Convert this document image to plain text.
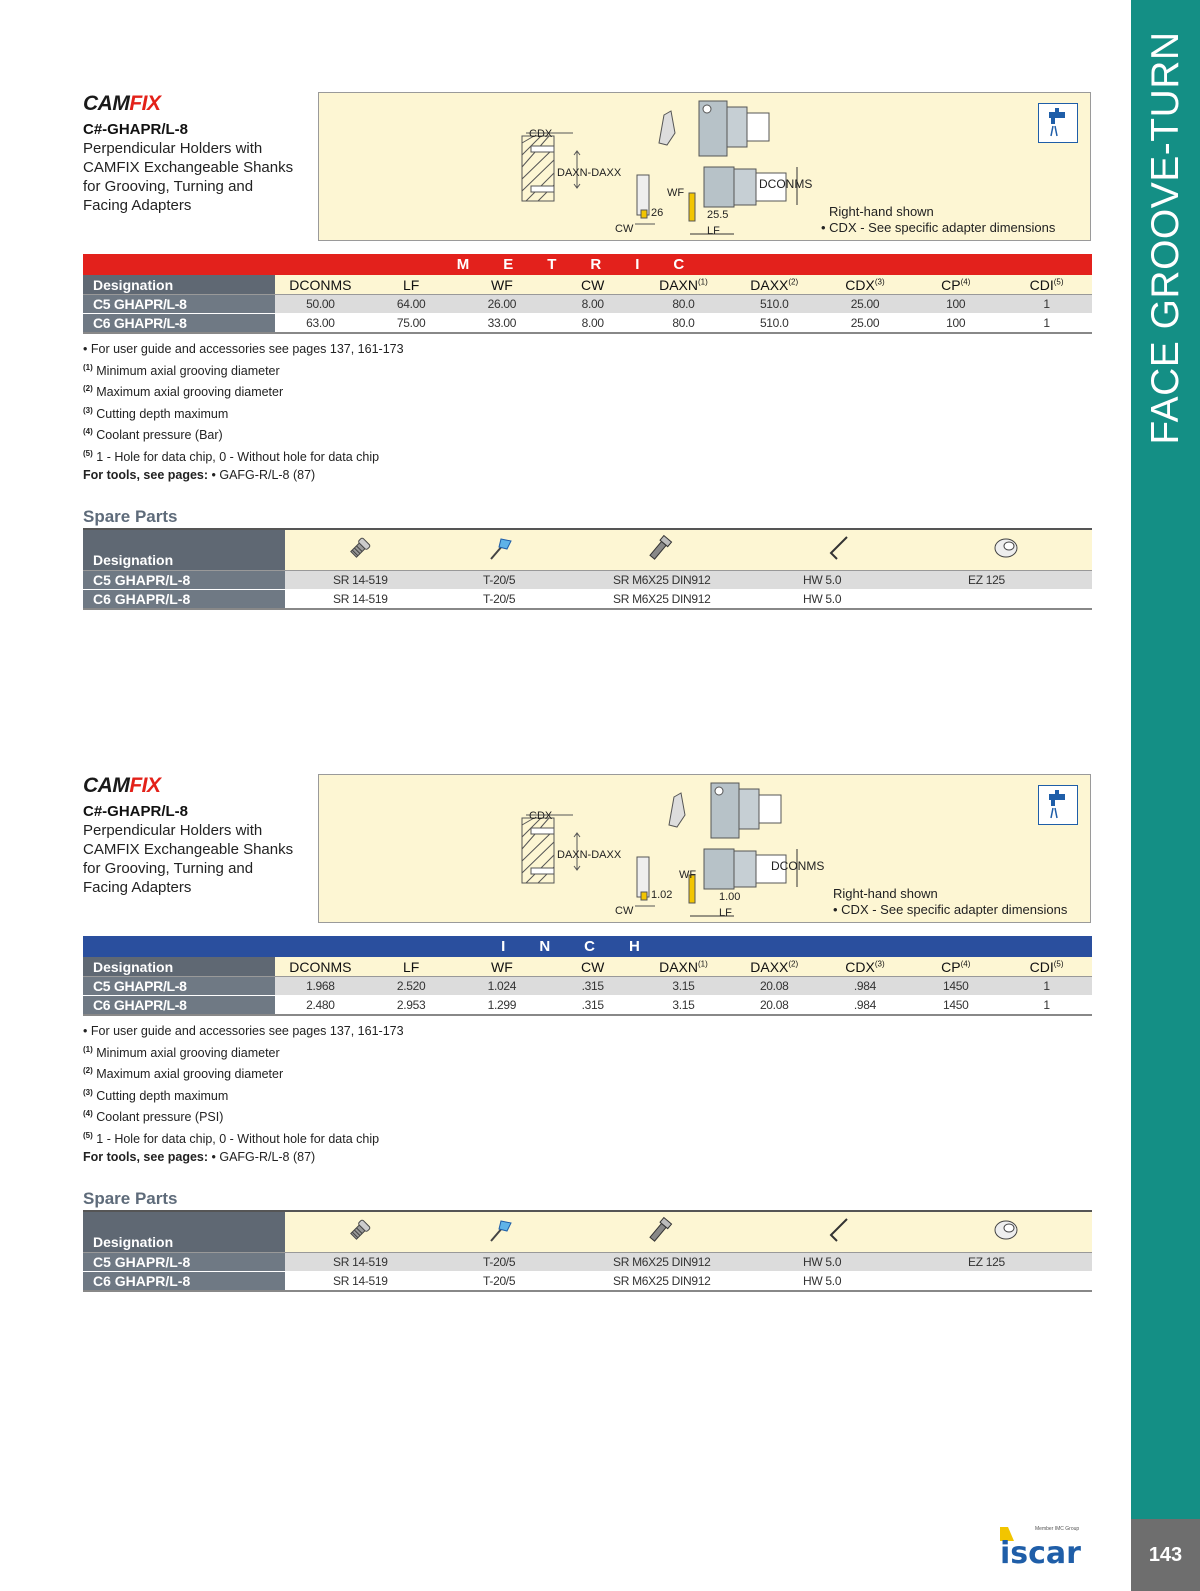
FACE GROOVE-TURN
143
iscar
Member IMC Group
CAMFIX
C#-GHAPR/L-8
Perpendicular Holders with CAMFIX Exchangeable Shanks for Grooving, Turning and Facing Adapters
CDX
DAXN-DAXX
CW
26
WF
DCONMS
25.5
LF
Right-hand shown
• CDX - See specific adapter dimensions
METRIC									
Designation	DCONMS	LF	WF	CW	DAXN$^{(1)}$	DAXX$^{(2)}$	CDX$^{(3)}$	CP$^{(4)}$	CDI$^{(5)}$
C5 GHAPR/L-8	50.00	64.00	26.00	8.00	80.0	510.0	25.00	100	1
C6 GHAPR/L-8	63.00	75.00	33.00	8.00	80.0	510.0	25.00	100	1
• For user guide and accessories see pages 137, 161-173
$^{(1)}$ Minimum axial grooving diameter
$^{(2)}$ Maximum axial grooving diameter
$^{(3)}$ Cutting depth maximum
$^{(4)}$ Coolant pressure (Bar)
$^{(5)}$ 1 - Hole for data chip, 0 - Without hole for data chip
For tools, see pages: • GAFG-R/L-8 (87)
Spare Parts
Designation					
C5 GHAPR/L-8	SR 14-519	T-20/5	SR M6X25 DIN912	HW 5.0	EZ 125
C6 GHAPR/L-8	SR 14-519	T-20/5	SR M6X25 DIN912	HW 5.0	
CAMFIX
C#-GHAPR/L-8
Perpendicular Holders with CAMFIX Exchangeable Shanks for Grooving, Turning and Facing Adapters
CDX
DAXN-DAXX
CW
1.02
WF
DCONMS
1.00
LF
Right-hand shown
• CDX - See specific adapter dimensions
INCH									
Designation	DCONMS	LF	WF	CW	DAXN$^{(1)}$	DAXX$^{(2)}$	CDX$^{(3)}$	CP$^{(4)}$	CDI$^{(5)}$
C5 GHAPR/L-8	1.968	2.520	1.024	.315	3.15	20.08	.984	1450	1
C6 GHAPR/L-8	2.480	2.953	1.299	.315	3.15	20.08	.984	1450	1
• For user guide and accessories see pages 137, 161-173
$^{(1)}$ Minimum axial grooving diameter
$^{(2)}$ Maximum axial grooving diameter
$^{(3)}$ Cutting depth maximum
$^{(4)}$ Coolant pressure (PSI)
$^{(5)}$ 1 - Hole for data chip, 0 - Without hole for data chip
For tools, see pages: • GAFG-R/L-8 (87)
Spare Parts
Designation					
C5 GHAPR/L-8	SR 14-519	T-20/5	SR M6X25 DIN912	HW 5.0	EZ 125
C6 GHAPR/L-8	SR 14-519	T-20/5	SR M6X25 DIN912	HW 5.0	
